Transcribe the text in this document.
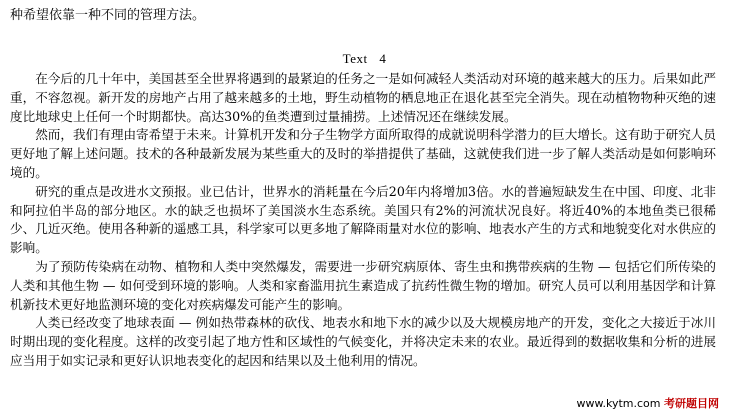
种希望依靠一种不同的管理方法。
Text 4

在今后的几十年中，美国甚至全世界将遇到的最紧迫的任务之一是如何减轻人类活动对环境的越来越大的压力。后果如此严重，不容忽视。新开发的房地产占用了越来越多的土地，野生动植物的栖息地正在退化甚至完全消失。现在动植物物种灭绝的速度比地球史上任何一个时期都快。高达30%的鱼类遭到过量捕捞。上述情况还在继续发展。

然而，我们有理由寄希望于未来。计算机开发和分子生物学方面所取得的成就说明科学潜力的巨大增长。这有助于研究人员更好地了解上述问题。技术的各种最新发展为某些重大的及时的举措提供了基础，这就使我们进一步了解人类活动是如何影响环境的。

研究的重点是改进水文预报。业已估计，世界水的消耗量在今后20年内将增加3倍。水的普遍短缺发生在中国、印度、北非和阿拉伯半岛的部分地区。水的缺乏也损坏了美国淡水生态系统。美国只有2%的河流状况良好。将近40%的本地鱼类已很稀少、几近灭绝。使用各种新的遥感工具，科学家可以更多地了解降雨量对水位的影响、地表水产生的方式和地貌变化对水供应的影响。

为了预防传染病在动物、植物和人类中突然爆发，需要进一步研究病原体、寄生虫和携带疾病的生物 — 包括它们所传染的人类和其他生物 — 如何受到环境的影响。人类和家畜滥用抗生素造成了抗药性微生物的增加。研究人员可以利用基因学和计算机新技术更好地监测环境的变化对疾病爆发可能产生的影响。

人类已经改变了地球表面 — 例如热带森林的砍伐、地表水和地下水的减少以及大规模房地产的开发，变化之大接近于冰川时期出现的变化程度。这样的改变引起了地方性和区域性的气候变化，并将决定未来的农业。最近得到的数据收集和分析的进展应当用于如实记录和更好认识地表变化的起因和结果以及土他利用的情况。

www.kytm.com 考研题目网
